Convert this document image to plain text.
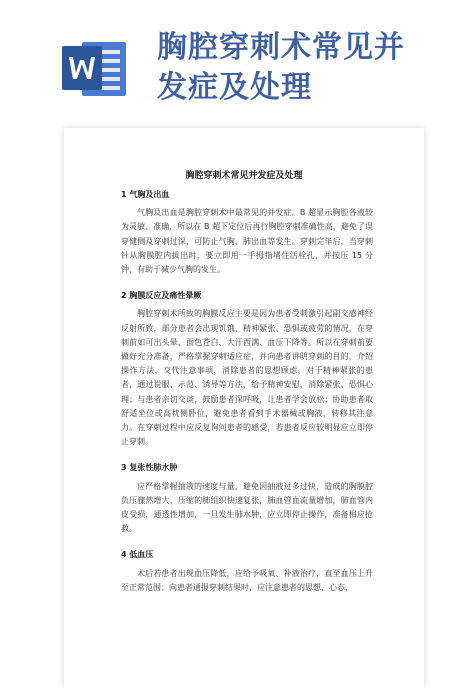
胸腔穿刺术常见并
发症及处理
胸腔穿刺术常见并发症及处理
1 气胸及出血

气胸及出血是胸腔穿刺术中最常见的并发症。B 超显示胸腔各液较为灵敏、准确，所以在 B 超下定位后再行胸腔穿刺准确性高，避免了误穿健侧及穿刺过深，可防止气胸、肺出血等发生。穿刺完毕后，当穿刺针从胸膜腔内拔出时，要立即用一手拇指堵住活栓孔，并按压 15 分钟，有助于减少气胸的发生。

2 胸膜反应及痛性晕厥

胸腔穿刺术所致的胸膜反应主要是因为患者受刺激引起副交感神经反射所致，部分患者会出现饥饿、精神紧张、恐惧或疲劳的情况，在穿刺前如可出头晕、面色苍白、大汗西满、血压下降等。所以在穿刺前要做好充分准备，严格掌握穿刺适应症，并向患者讲明穿刺的目的，介绍操作方法，交代注意事项，消除患者的思想顾虑，对于精神紧张的患者，通过说服、示范、诱导等方法，给予精神安慰，消除紧张、恐惧心理；与患者亲切交谈，鼓励患者深呼吸，让患者学会放松；协助患者取舒适坐位或高枕侧卧位，避免患者看到手术器械或胸液，转移其注意力。在穿刺过程中应反复询问患者的感受，若患者反应较明显应立即停止穿刺。

3 复张性肺水肿

应严格掌握抽液的速度与量，避免因抽液过多过快，造成的胸膜腔负压骤然增大，压缩的肺组织快速复张，肺血管血流量增加，肺血管内皮受损，通透性增加，一旦发生肺水肿，应立即停止操作，准备相应抢救。

4 低血压

术后若患者出现血压降低，应给予吸氧、补液治疗，直至血压上升至正常范围；向患者通报穿刺结果时，应注意患者的思想、心态，
